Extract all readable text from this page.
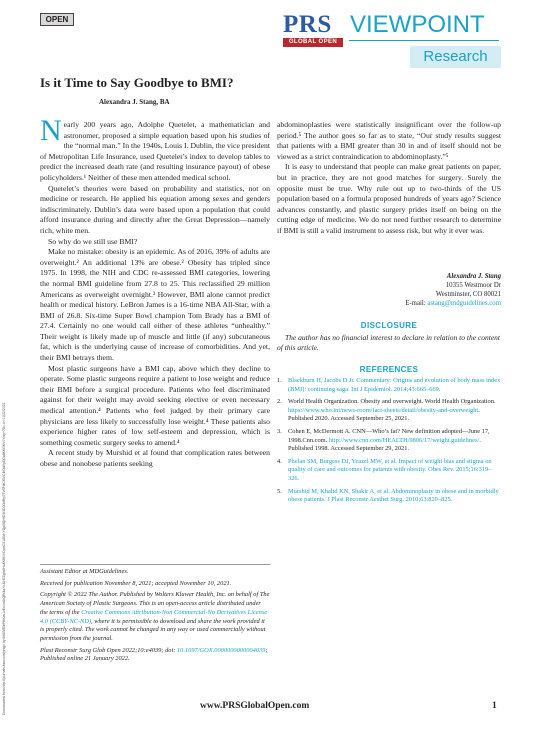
OPEN	PRS
GLOBAL OPEN
VIEWPOINT
Research
Is it Time to Say Goodbye to BMI?
Alexandra J. Stang, BA

Nearly 200 years ago, Adolphe Quetelet, a mathematician and astronomer, proposed a simple equation based upon his studies of the “normal man.” In the 1940s, Louis I. Dublin, the vice president of Metropolitan Life Insurance, used Quetelet’s index to develop tables to predict the increased death rate (and resulting insurance payout) of obese policyholders.¹ Neither of these men attended medical school.

Quetelet’s theories were based on probability and statistics, not on medicine or research. He applied his equation among sexes and genders indiscriminately. Dublin’s data were based upon a population that could afford insurance during and directly after the Great Depression—namely rich, white men.

So why do we still use BMI?

Make no mistake: obesity is an epidemic. As of 2016, 39% of adults are overweight.² An additional 13% are obese.² Obesity has tripled since 1975. In 1998, the NIH and CDC re-assessed BMI categories, lowering the normal BMI guideline from 27.8 to 25. This reclassified 29 million Americans as overweight overnight.³ However, BMI alone cannot predict health or medical history. LeBron James is a 16-time NBA All-Star, with a BMI of 26.8. Six-time Super Bowl champion Tom Brady has a BMI of 27.4. Certainly no one would call either of these athletes “unhealthy.” Their weight is likely made up of muscle and little (if any) subcutaneous fat, which is the underlying cause of increase of comorbidities. And yet, their BMI betrays them.

Most plastic surgeons have a BMI cap, above which they decline to operate. Some plastic surgeons require a patient to lose weight and reduce their BMI before a surgical procedure. Patients who feel discriminated against for their weight may avoid seeking elective or even necessary medical attention.⁴ Patients who feel judged by their primary care physicians are less likely to successfully lose weight.⁴ These patients also experience higher rates of low self-esteem and depression, which is something cosmetic surgery seeks to amend.⁴

A recent study by Murshid et al found that complication rates between obese and nonobese patients seeking

abdominoplasties were statistically insignificant over the follow-up period.⁵ The author goes so far as to state, “Our study results suggest that patients with a BMI greater than 30 in and of itself should not be viewed as a strict contraindication to abdominoplasty.”⁵

It is easy to understand that people can make great patients on paper, but in practice, they are not good matches for surgery. Surely the opposite must be true. Why rule out up to two-thirds of the US population based on a formula proposed hundreds of years ago? Science advances constantly, and plastic surgery prides itself on being on the cutting edge of medicine. We do not need further research to determine if BMI is still a valid instrument to assess risk, but why it ever was.

Alexandra J. Stang
10355 Westmoor Dr
Westminster, CO 80021
E-mail: astang@mdguidelines.com
DISCLOSURE
The author has no financial interest to declare in relation to the content of this article.
REFERENCES
1. Blackburn H, Jacobs D Jr. Commentary: Origins and evolution of body mass index (BMI): continuing saga. Int J Epidemiol. 2014;43:665–669.
2. World Health Organization. Obesity and overweight. World Health Organization. https://www.who.int/news-room/fact-sheets/detail/obesity-and-overweight. Published 2020. Accessed September 25, 2021.
3. Cohen E, McDermott A. CNN—Who’s fat? New definition adopted—June 17, 1998.Cnn.com. http://www.cnn.com/HEALTH/9806/17/weight.guidelines/. Published 1998. Accessed September 29, 2021.
4. Phelan SM, Burgess DJ, Yeazel MW, et al. Impact of weight bias and stigma on quality of care and outcomes for patients with obesity. Obes Rev. 2015;16:319–326.
5. Murshid M, Khalid KN, Shakir A, et al. Abdominoplasty in obese and in morbidly obese patients. J Plast Reconstr Aesthet Surg. 2010;63:820–825.

Assistant Editor at MDGuidelines.

Received for publication November 8, 2021; accepted November 10, 2021.

Copyright © 2022 The Author. Published by Wolters Kluwer Health, Inc. on behalf of The American Society of Plastic Surgeons. This is an open-access article distributed under the terms of the Creative Commons Attribution-Non Commercial-No Derivatives License 4.0 (CCBY-NC-ND), where it is permissible to download and share the work provided it is properly cited. The work cannot be changed in any way or used commercially without permission from the journal.

Plast Reconstr Surg Glob Open 2022;10:e4039; doi: 10.1097/GOX.0000000000004039; Published online 21 January 2022.

www.PRSGlobalOpen.com	1
Downloaded from http://journals.lww.com/prsgo by BhDMf5ePHKav1zEoum1tQfN4a+kJLhEZgbsIHo4XMi0hCywCX1AWnYQp/IlQrHD3i3D0OdRyi7TvSFl4Cf3VC4/OAVpDDa8KKGKV0Ymy+78= on 01/22/2022
